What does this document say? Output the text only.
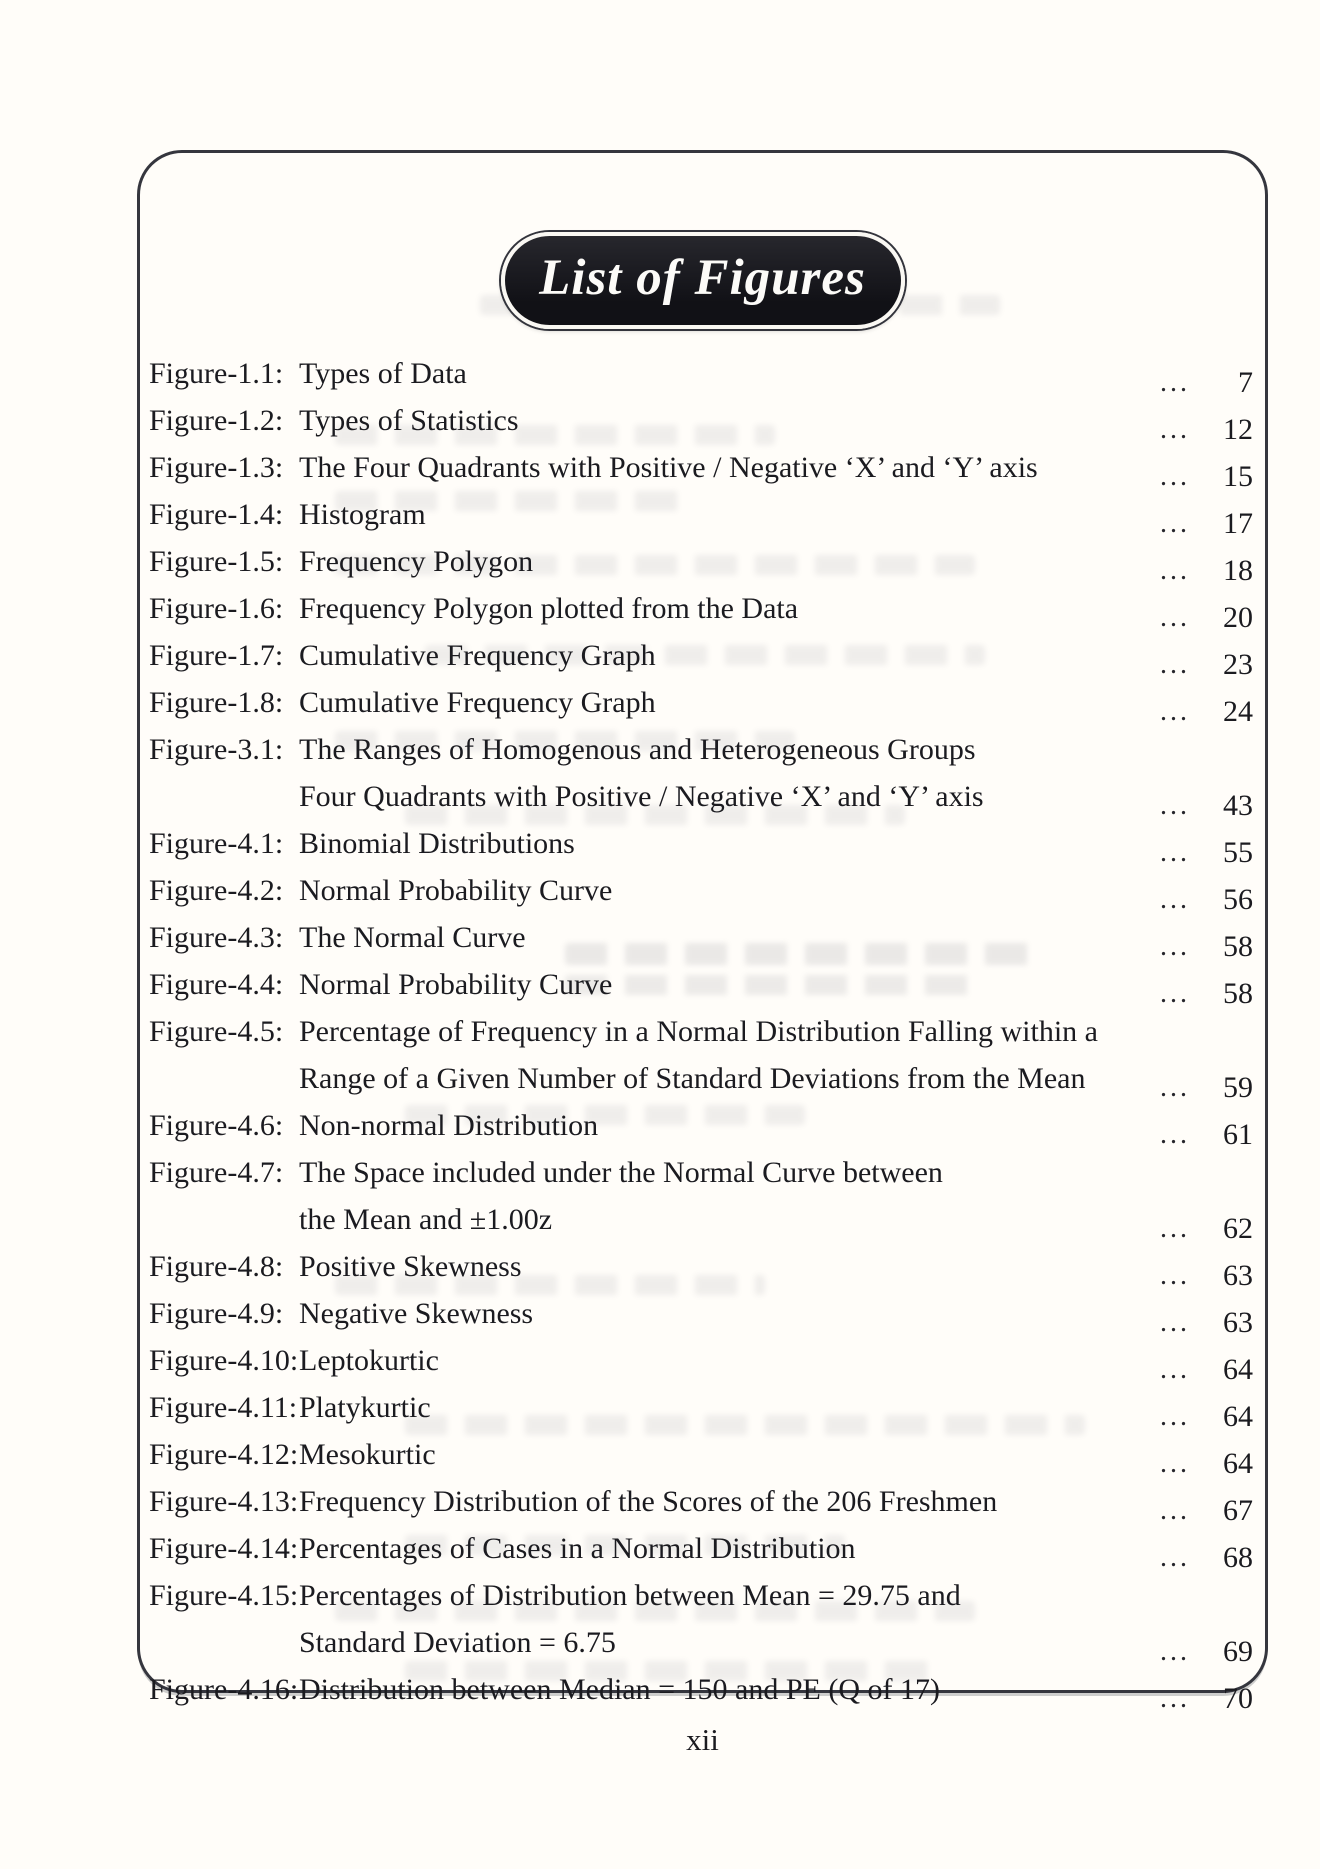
List of Figures
Figure-1.1: Types of Data	...	7
Figure-1.2: Types of Statistics	...	12
Figure-1.3: The Four Quadrants with Positive / Negative ‘X’ and ‘Y’ axis	...	15
Figure-1.4: Histogram	...	17
Figure-1.5: Frequency Polygon	...	18
Figure-1.6: Frequency Polygon plotted from the Data	...	20
Figure-1.7: Cumulative Frequency Graph	...	23
Figure-1.8: Cumulative Frequency Graph	...	24
Figure-3.1: The Ranges of Homogenous and Heterogeneous Groups
Four Quadrants with Positive / Negative ‘X’ and ‘Y’ axis	...	43
Figure-4.1: Binomial Distributions	...	55
Figure-4.2: Normal Probability Curve	...	56
Figure-4.3: The Normal Curve	...	58
Figure-4.4: Normal Probability Curve	...	58
Figure-4.5: Percentage of Frequency in a Normal Distribution Falling within a
Range of a Given Number of Standard Deviations from the Mean	...	59
Figure-4.6: Non-normal Distribution	...	61
Figure-4.7: The Space included under the Normal Curve between
the Mean and ±1.00z	...	62
Figure-4.8: Positive Skewness	...	63
Figure-4.9: Negative Skewness	...	63
Figure-4.10: Leptokurtic	...	64
Figure-4.11: Platykurtic	...	64
Figure-4.12: Mesokurtic	...	64
Figure-4.13: Frequency Distribution of the Scores of the 206 Freshmen	...	67
Figure-4.14: Percentages of Cases in a Normal Distribution	...	68
Figure-4.15: Percentages of Distribution between Mean = 29.75 and
Standard Deviation = 6.75	...	69
Figure-4.16: Distribution between Median = 150 and PE (Q of 17)	...	70
xii
